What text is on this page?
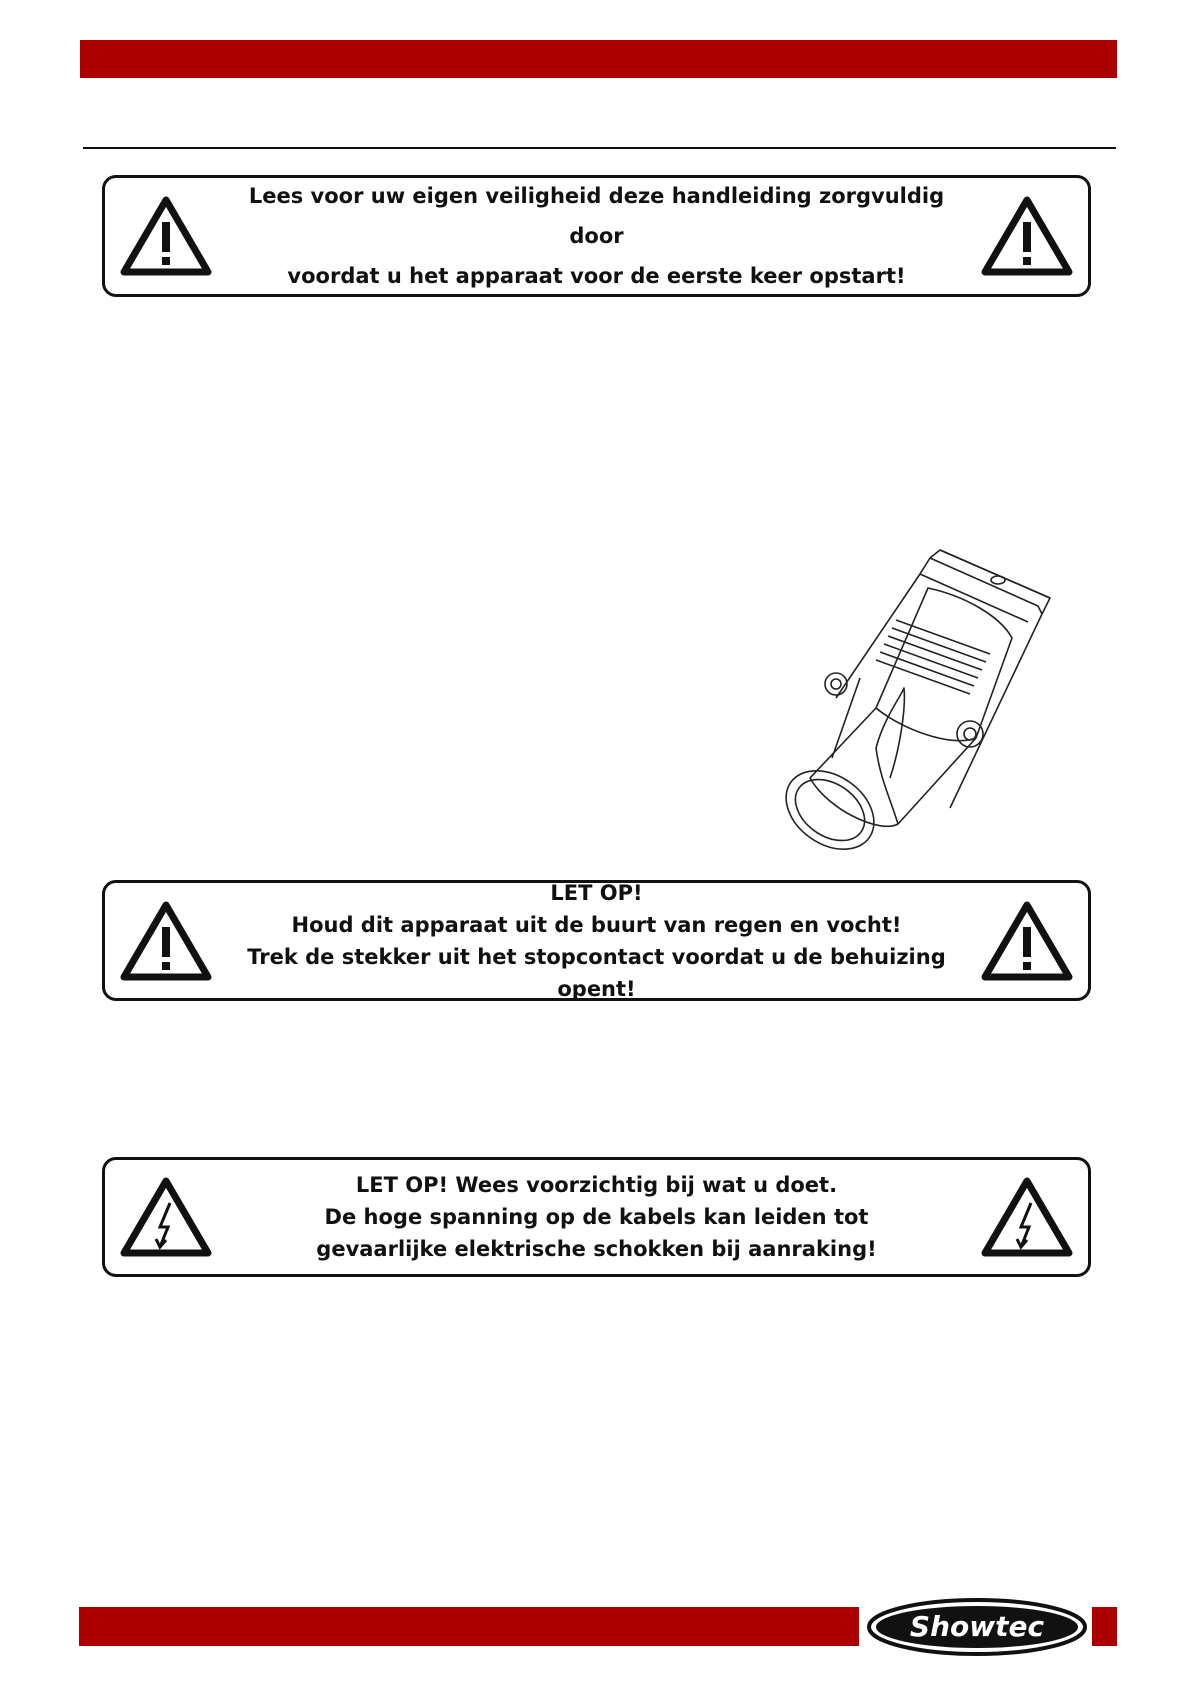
Lees voor uw eigen veiligheid deze handleiding zorgvuldig door
voordat u het apparaat voor de eerste keer opstart!
LET OP!
Houd dit apparaat uit de buurt van regen en vocht!
Trek de stekker uit het stopcontact voordat u de behuizing opent!
LET OP! Wees voorzichtig bij wat u doet.
De hoge spanning op de kabels kan leiden tot
gevaarlijke elektrische schokken bij aanraking!
Showtec
